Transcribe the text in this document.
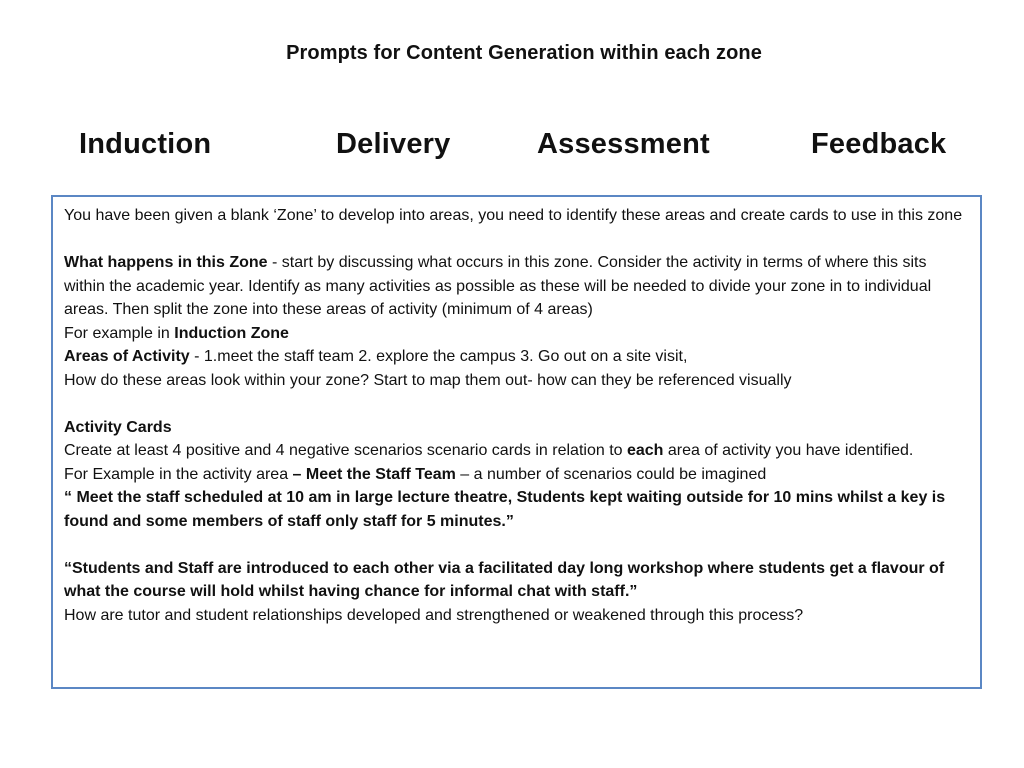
Prompts for Content Generation within each zone
Induction	Delivery	Assessment	Feedback

You have been given a blank ‘Zone’ to develop into areas, you need to identify these areas and create cards to use in this zone

What happens in this Zone - start by discussing what occurs in this zone. Consider the activity in terms of where this sits within the academic year. Identify as many activities as possible as these will be needed to divide your zone in to individual areas. Then split the zone into these areas of activity (minimum of 4 areas)

For example in Induction Zone

Areas of Activity - 1.meet the staff team 2. explore the campus 3. Go out on a site visit,

How do these areas look within your zone? Start to map them out- how can they be referenced visually

Activity Cards

Create at least 4 positive and 4 negative scenarios scenario cards in relation to each area of activity you have identified.

For Example in the activity area – Meet the Staff Team – a number of scenarios could be imagined

“ Meet the staff scheduled at 10 am in large lecture theatre, Students kept waiting outside for 10 mins whilst a key is found and some members of staff only staff for 5 minutes.”

“Students and Staff are introduced to each other via a facilitated day long workshop where students get a flavour of what the course will hold whilst having chance for informal chat with staff.”

How are tutor and student relationships developed and strengthened or weakened through this process?
